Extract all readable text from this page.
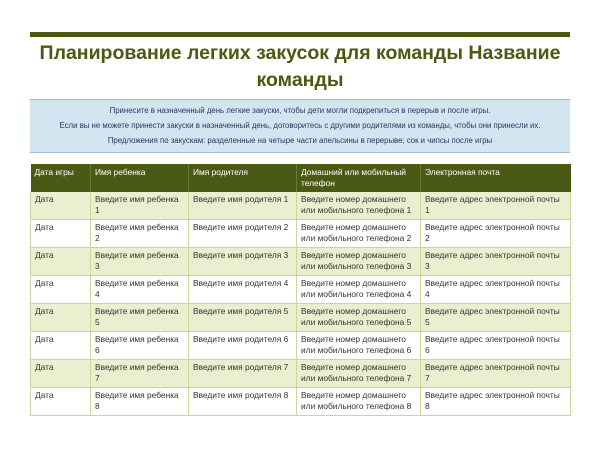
Планирование легких закусок для команды Название команды
Принесите в назначенный день легкие закуски, чтобы дети могли подкрепиться в перерыв и после игры.
Если вы не можете принести закуски в назначенный день, договоритесь с другими родителями из команды, чтобы они принесли их.
Предложения по закускам: разделенные на четыре части апельсины в перерыве; сок и чипсы после игры
Дата игры	Имя ребенка	Имя родителя	Домашний или мобильный телефон	Электронная почта
Дата	Введите имя ребенка 1	Введите имя родителя 1	Введите номер домашнего или мобильного телефона 1	Введите адрес электронной почты 1
Дата	Введите имя ребенка 2	Введите имя родителя 2	Введите номер домашнего или мобильного телефона 2	Введите адрес электронной почты 2
Дата	Введите имя ребенка 3	Введите имя родителя 3	Введите номер домашнего или мобильного телефона 3	Введите адрес электронной почты 3
Дата	Введите имя ребенка 4	Введите имя родителя 4	Введите номер домашнего или мобильного телефона 4	Введите адрес электронной почты 4
Дата	Введите имя ребенка 5	Введите имя родителя 5	Введите номер домашнего или мобильного телефона 5	Введите адрес электронной почты 5
Дата	Введите имя ребенка 6	Введите имя родителя 6	Введите номер домашнего или мобильного телефона 6	Введите адрес электронной почты 6
Дата	Введите имя ребенка 7	Введите имя родителя 7	Введите номер домашнего или мобильного телефона 7	Введите адрес электронной почты 7
Дата	Введите имя ребенка 8	Введите имя родителя 8	Введите номер домашнего или мобильного телефона 8	Введите адрес электронной почты 8
